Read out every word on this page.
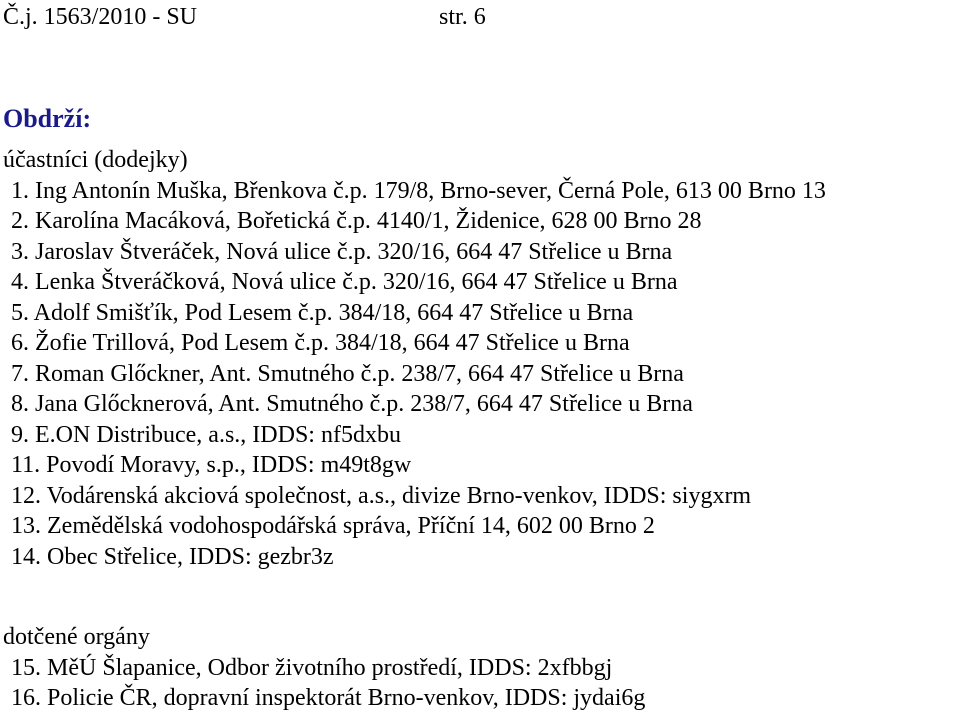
Č.j. 1563/2010 - SU	str. 6
Obdrží:
účastníci (dodejky)
1. Ing Antonín Muška, Břenkova č.p. 179/8, Brno-sever, Černá Pole, 613 00 Brno 13
2. Karolína Macáková, Bořetická č.p. 4140/1, Židenice, 628 00 Brno 28
3. Jaroslav Štveráček, Nová ulice č.p. 320/16, 664 47 Střelice u Brna
4. Lenka Štveráčková, Nová ulice č.p. 320/16, 664 47 Střelice u Brna
5. Adolf Smišťík, Pod Lesem č.p. 384/18, 664 47 Střelice u Brna
6. Žofie Trillová, Pod Lesem č.p. 384/18, 664 47 Střelice u Brna
7. Roman Glőckner, Ant. Smutného č.p. 238/7, 664 47 Střelice u Brna
8. Jana Glőcknerová, Ant. Smutného č.p. 238/7, 664 47 Střelice u Brna
9. E.ON Distribuce, a.s., IDDS: nf5dxbu
11. Povodí Moravy, s.p., IDDS: m49t8gw
12. Vodárenská akciová společnost, a.s., divize Brno-venkov, IDDS: siygxrm
13. Zemědělská vodohospodářská správa, Příční 14, 602 00 Brno 2
14. Obec Střelice, IDDS: gezbr3z
dotčené orgány
15. MěÚ Šlapanice, Odbor životního prostředí, IDDS: 2xfbbgj
16. Policie ČR, dopravní inspektorát Brno-venkov, IDDS: jydai6g
